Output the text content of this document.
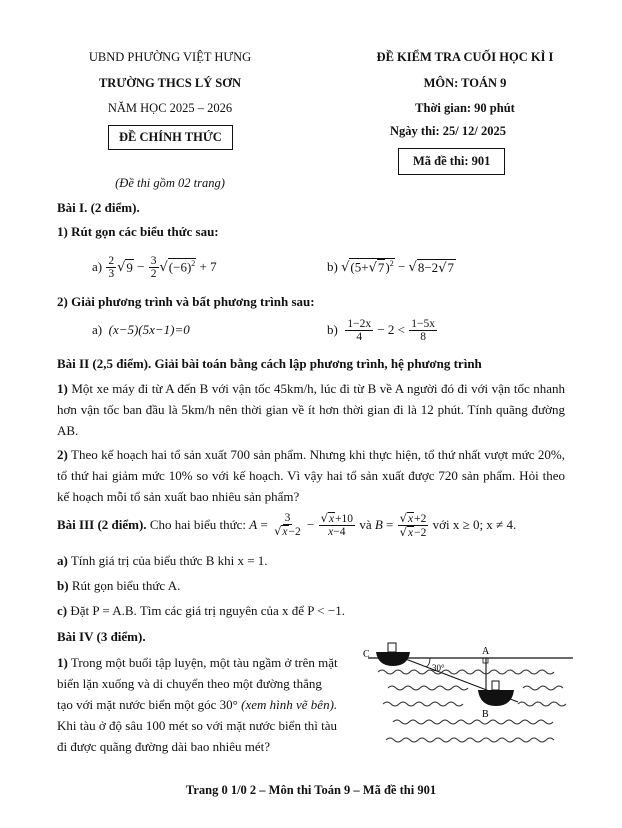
UBND PHƯỜNG VIỆT HƯNG
TRƯỜNG THCS LÝ SƠN
NĂM HỌC 2025 – 2026
ĐỀ CHÍNH THỨC
(Đề thi gồm 02 trang)
ĐỀ KIỂM TRA CUỐI HỌC KÌ I
MÔN: TOÁN 9
Thời gian: 90 phút
Ngày thi: 25/ 12/ 2025
Mã đề thi: 901
Bài I. (2 điểm).
1) Rút gọn các biểu thức sau:
a)
$\frac{2}{3}$ √ $9 - \frac{3}{2}$ √ $(-6)^2 + 7$	b)
√ $(5+√7)^2$ − √ 8−2√7
2) Giải phương trình và bất phương trình sau:
a) (x−5)(5x−1)=0	b)
$\frac{1-2x}{4} - 2 < \frac{1-5x}{8}$
Bài II (2,5 điểm). Giải bài toán bằng cách lập phương trình, hệ phương trình
1) Một xe máy đi từ A đến B với vận tốc 45km/h, lúc đi từ B về A người đó đi với vận tốc nhanh hơn vận tốc ban đầu là 5km/h nên thời gian về ít hơn thời gian đi là 12 phút. Tính quãng đường AB.
2) Theo kế hoạch hai tổ sản xuất 700 sản phẩm. Nhưng khi thực hiện, tổ thứ nhất vượt mức 20%, tổ thứ hai giảm mức 10% so với kế hoạch. Vì vậy hai tổ sản xuất được 720 sản phẩm. Hỏi theo kế hoạch mỗi tổ sản xuất bao nhiêu sản phẩm?
Bài III (2 điểm).
Cho hai biểu thức:
$A = \frac{3}{√x-2} - \frac{√x+10}{x-4}$
và
$B = \frac{√x+2}{√x-2}$
với x ≥ 0; x ≠ 4.
a) Tính giá trị của biểu thức B khi x = 1.
b) Rút gọn biểu thức A.
c) Đặt P = A.B. Tìm các giá trị nguyên của x để P < −1.
Bài IV (3 điểm).
1) Trong một buổi tập luyện, một tàu ngầm ở trên mặt
biển lặn xuống và di chuyển theo một đường thẳng
tạo với mặt nước biển một góc 30° (xem hình vẽ bên).
Khi tàu ở độ sâu 100 mét so với mặt nước biển thì tàu
đi được quãng đường dài bao nhiêu mét?
C	A
B
30°
Trang 0 1/0 2 – Môn thi Toán 9 – Mã đề thi 901
